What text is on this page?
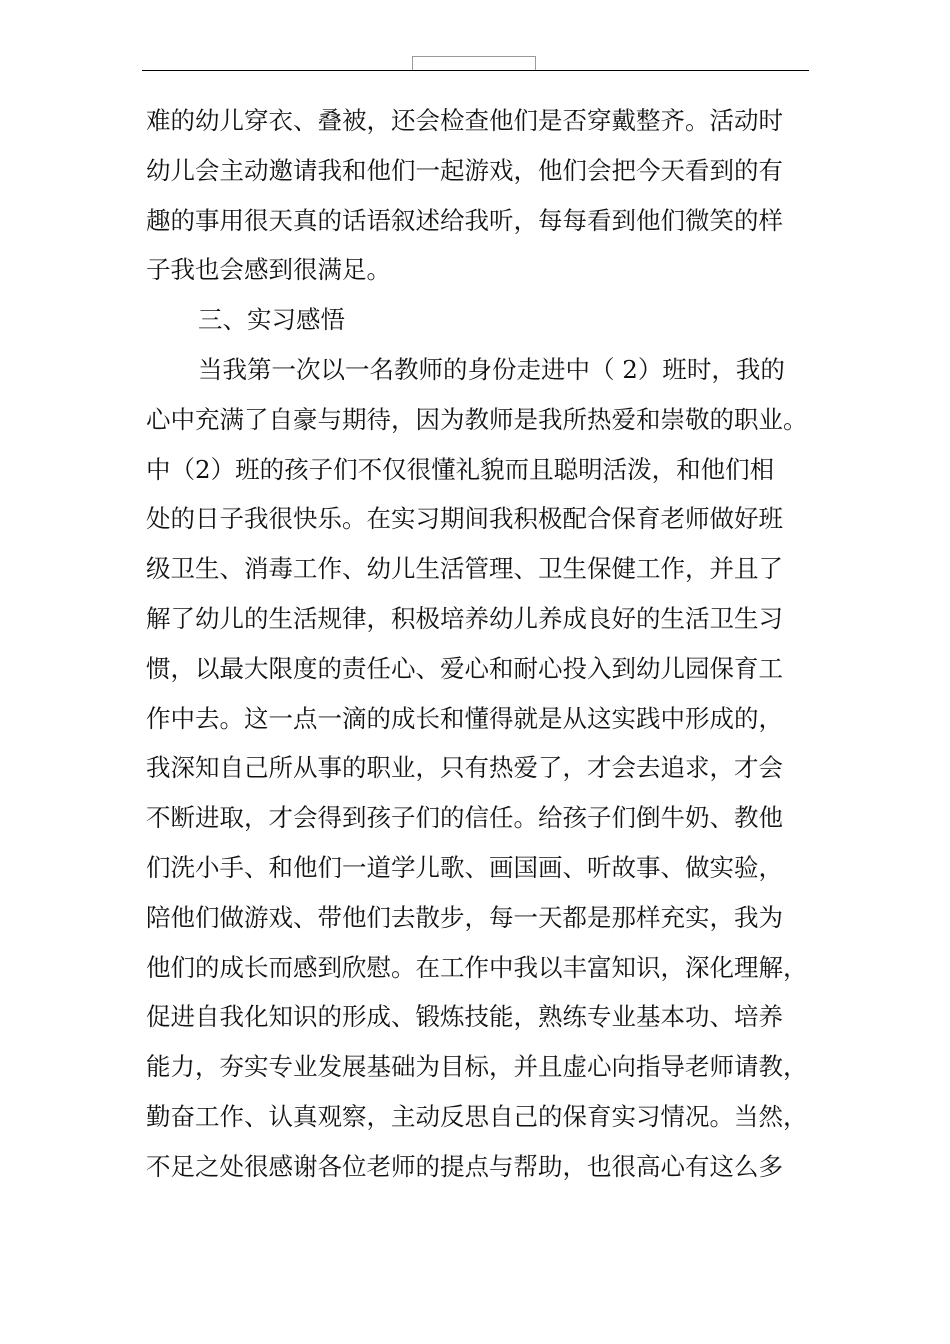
难的幼儿穿衣、叠被，还会检查他们是否穿戴整齐。活动时
幼儿会主动邀请我和他们一起游戏，他们会把今天看到的有
趣的事用很天真的话语叙述给我听，每每看到他们微笑的样
子我也会感到很满足。
三、实习感悟
当我第一次以一名教师的身份走进中（ 2）班时，我的
心中充满了自豪与期待，因为教师是我所热爱和崇敬的职业。
中（2）班的孩子们不仅很懂礼貌而且聪明活泼，和他们相
处的日子我很快乐。在实习期间我积极配合保育老师做好班
级卫生、消毒工作、幼儿生活管理、卫生保健工作，并且了
解了幼儿的生活规律，积极培养幼儿养成良好的生活卫生习
惯，以最大限度的责任心、爱心和耐心投入到幼儿园保育工
作中去。这一点一滴的成长和懂得就是从这实践中形成的，
我深知自己所从事的职业，只有热爱了，才会去追求，才会
不断进取，才会得到孩子们的信任。给孩子们倒牛奶、教他
们洗小手、和他们一道学儿歌、画国画、听故事、做实验，
陪他们做游戏、带他们去散步，每一天都是那样充实，我为
他们的成长而感到欣慰。在工作中我以丰富知识，深化理解，
促进自我化知识的形成、锻炼技能，熟练专业基本功、培养
能力，夯实专业发展基础为目标，并且虚心向指导老师请教，
勤奋工作、认真观察，主动反思自己的保育实习情况。当然，
不足之处很感谢各位老师的提点与帮助，也很高心有这么多
